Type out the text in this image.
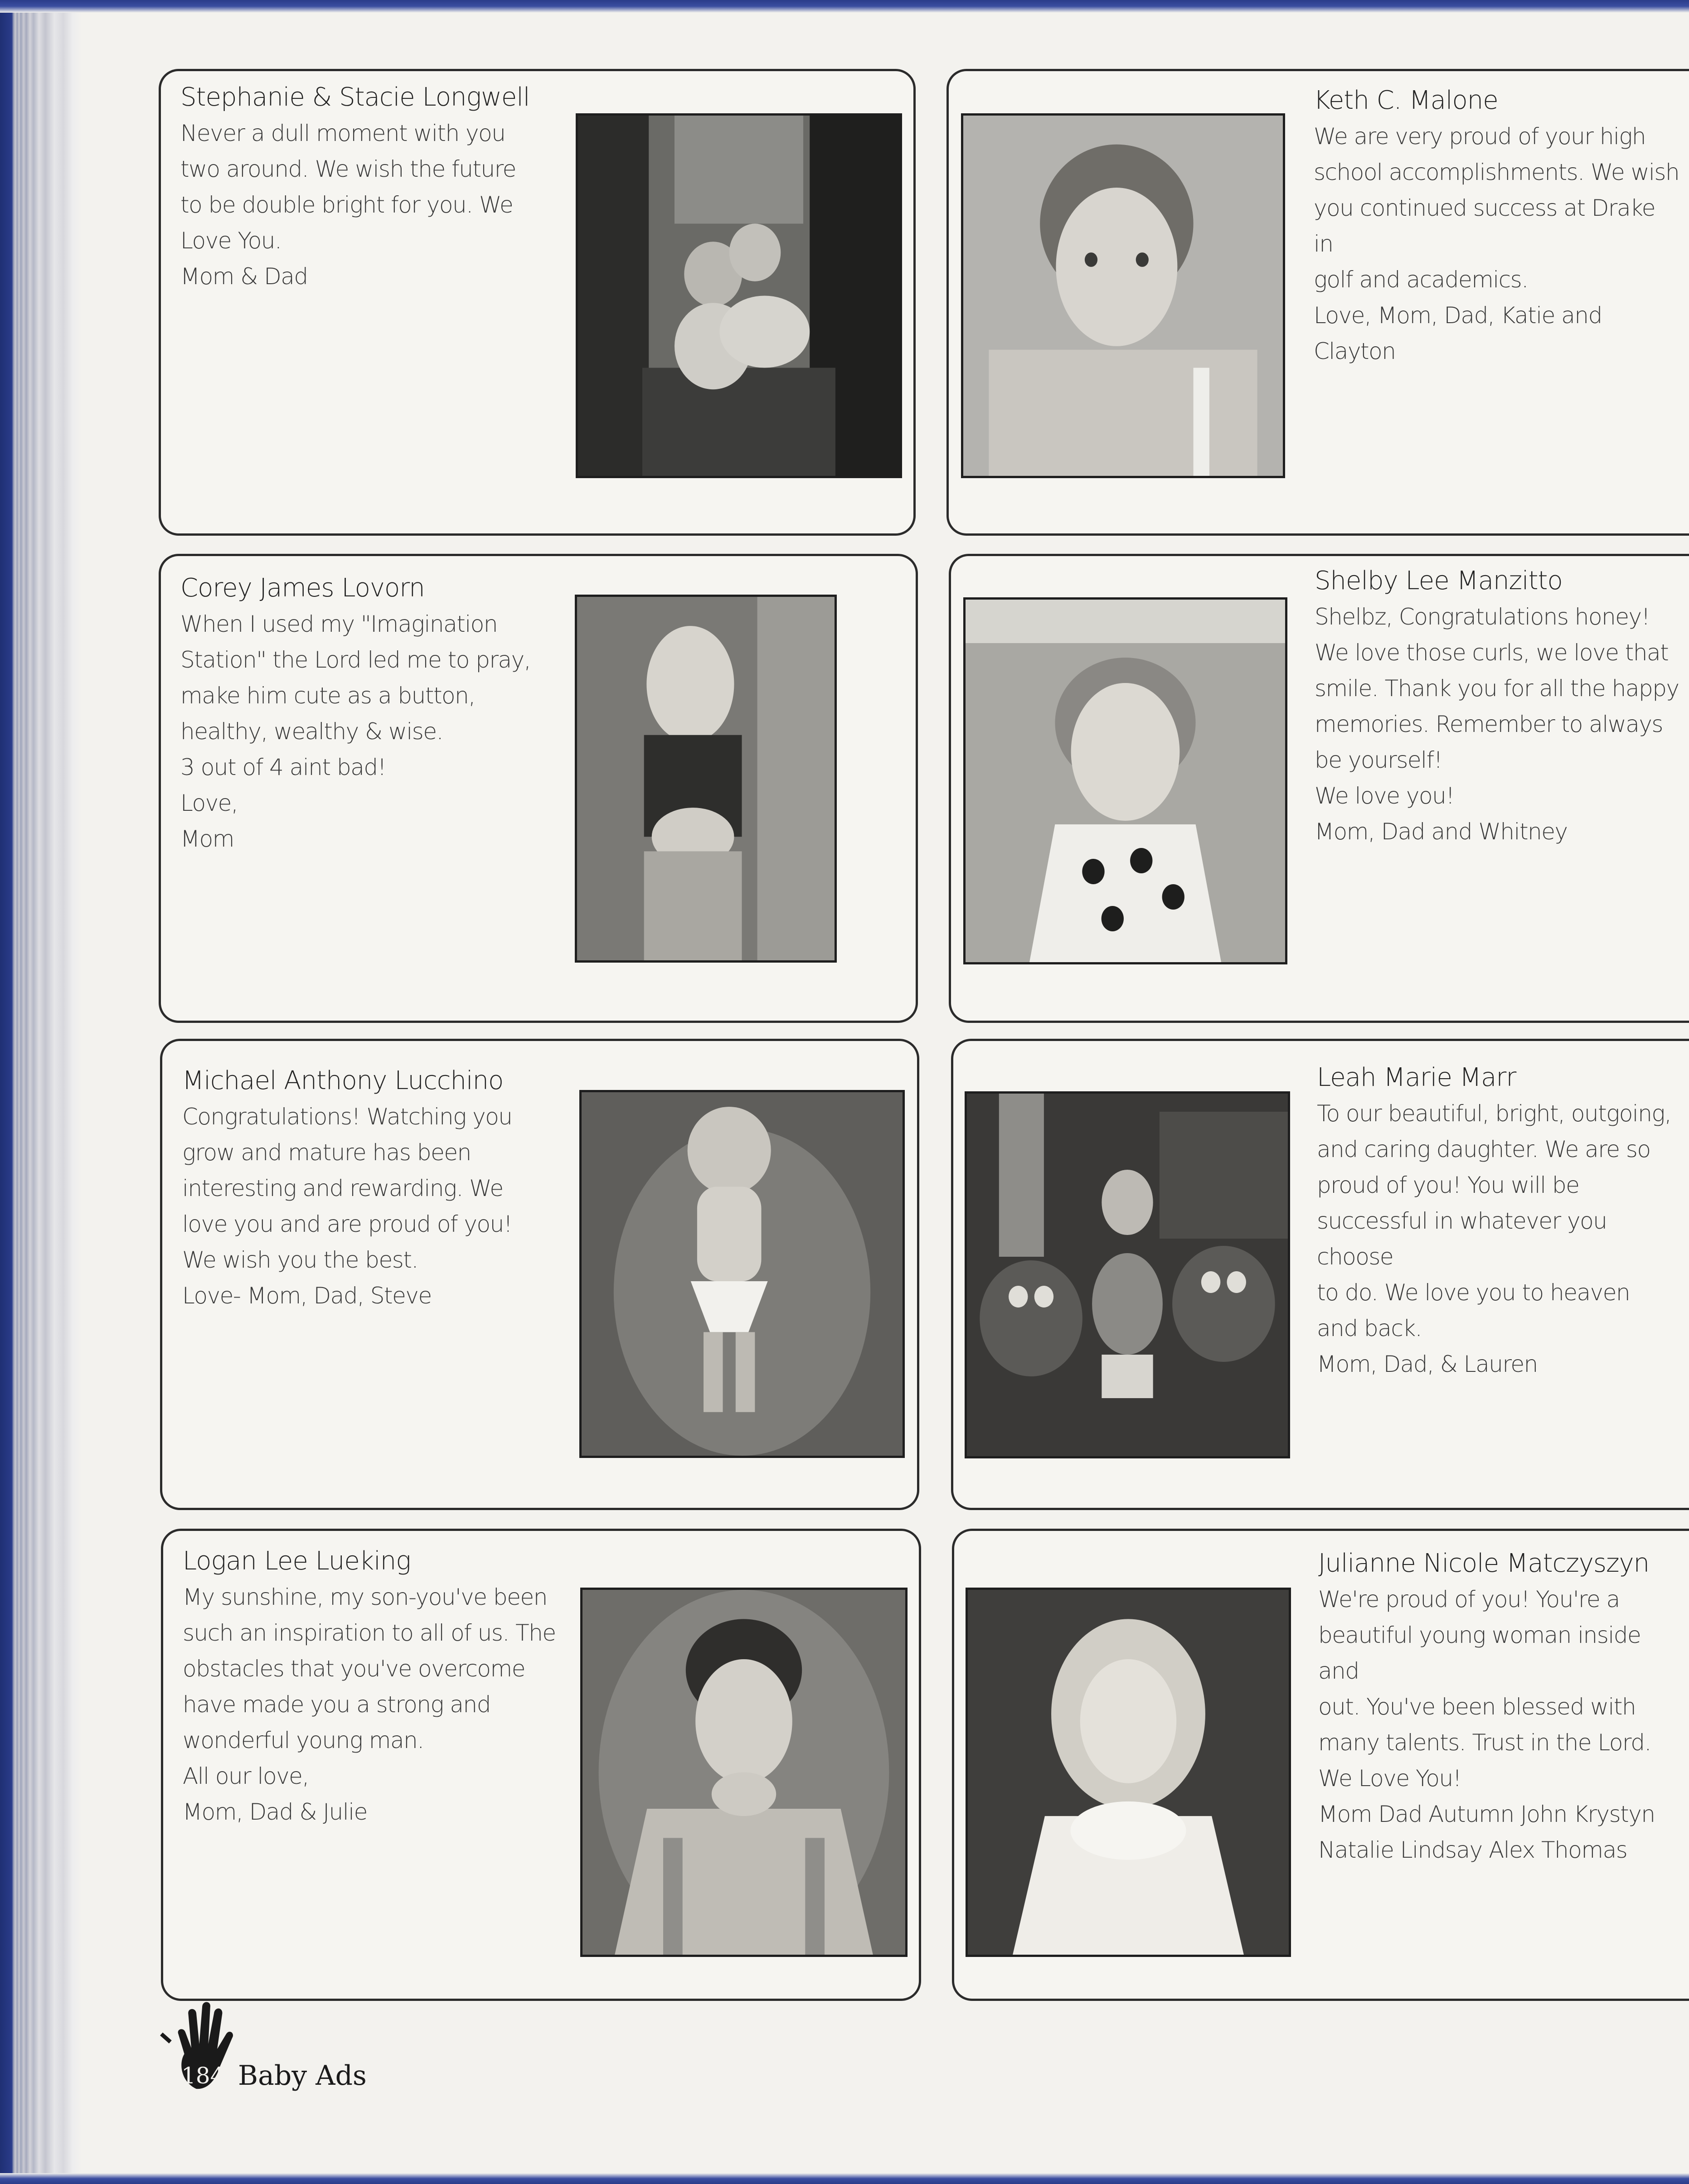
Stephanie & Stacie Longwell
Never a dull moment with you
two around. We wish the future
to be double bright for you. We
Love You.
Mom & Dad
Keth C. Malone
We are very proud of your high
school accomplishments. We wish
you continued success at Drake in
golf and academics.
Love, Mom, Dad, Katie and
Clayton
Corey James Lovorn
When I used my "Imagination
Station" the Lord led me to pray,
make him cute as a button,
healthy, wealthy & wise.
3 out of 4 aint bad!
Love,
Mom
Shelby Lee Manzitto
Shelbz, Congratulations honey!
We love those curls, we love that
smile. Thank you for all the happy
memories. Remember to always
be yourself!
We love you!
Mom, Dad and Whitney
Michael Anthony Lucchino
Congratulations! Watching you
grow and mature has been
interesting and rewarding. We
love you and are proud of you!
We wish you the best.
Love- Mom, Dad, Steve
Leah Marie Marr
To our beautiful, bright, outgoing,
and caring daughter. We are so
proud of you! You will be
successful in whatever you choose
to do. We love you to heaven
and back.
Mom, Dad, & Lauren
Logan Lee Lueking
My sunshine, my son-you've been
such an inspiration to all of us. The
obstacles that you've overcome
have made you a strong and
wonderful young man.
All our love,
Mom, Dad & Julie
Julianne Nicole Matczyszyn
We're proud of you! You're a
beautiful young woman inside and
out. You've been blessed with
many talents. Trust in the Lord.
We Love You!
Mom Dad Autumn John Krystyn
Natalie Lindsay Alex Thomas
184 Baby Ads
